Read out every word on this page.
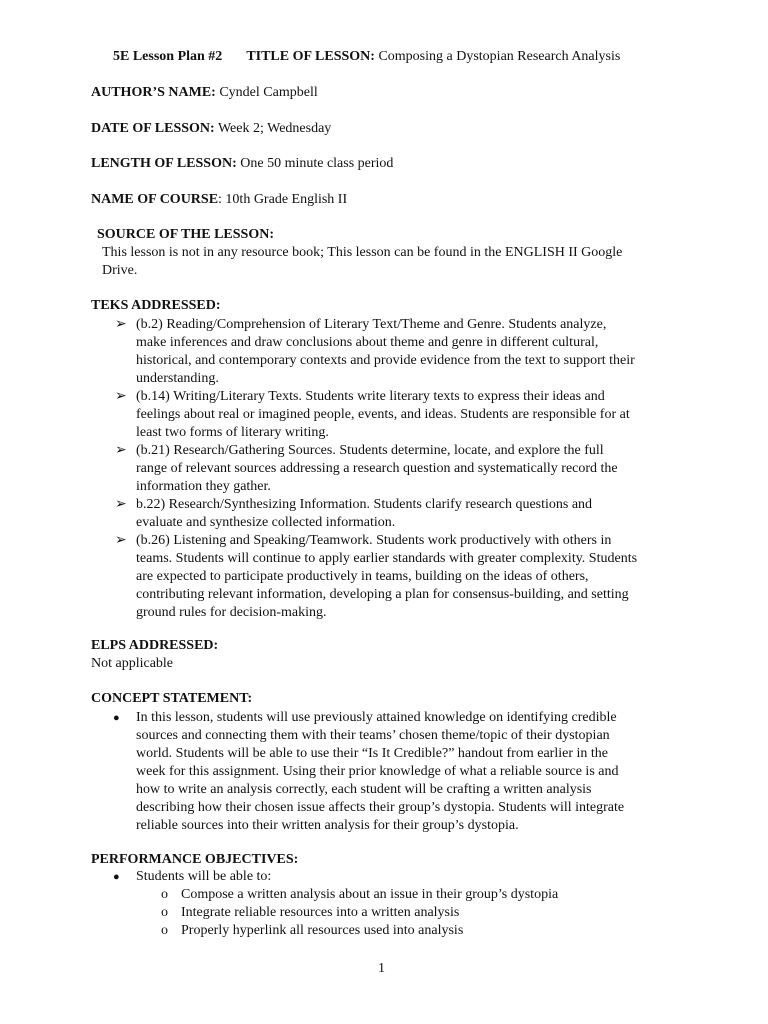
5E Lesson Plan #2 TITLE OF LESSON: Composing a Dystopian Research Analysis
AUTHOR’S NAME: Cyndel Campbell
DATE OF LESSON: Week 2; Wednesday
LENGTH OF LESSON: One 50 minute class period
NAME OF COURSE: 10th Grade English II
SOURCE OF THE LESSON:
This lesson is not in any resource book; This lesson can be found in the ENGLISH II Google
Drive.
TEKS ADDRESSED:
➢ (b.2) Reading/Comprehension of Literary Text/Theme and Genre. Students analyze,
make inferences and draw conclusions about theme and genre in different cultural,
historical, and contemporary contexts and provide evidence from the text to support their
understanding.
➢ (b.14) Writing/Literary Texts. Students write literary texts to express their ideas and
feelings about real or imagined people, events, and ideas. Students are responsible for at
least two forms of literary writing.
➢ (b.21) Research/Gathering Sources. Students determine, locate, and explore the full
range of relevant sources addressing a research question and systematically record the
information they gather.
➢ b.22) Research/Synthesizing Information. Students clarify research questions and
evaluate and synthesize collected information.
➢ (b.26) Listening and Speaking/Teamwork. Students work productively with others in
teams. Students will continue to apply earlier standards with greater complexity. Students
are expected to participate productively in teams, building on the ideas of others,
contributing relevant information, developing a plan for consensus-building, and setting
ground rules for decision-making.
ELPS ADDRESSED:
Not applicable
CONCEPT STATEMENT:
● In this lesson, students will use previously attained knowledge on identifying credible
sources and connecting them with their teams’ chosen theme/topic of their dystopian
world. Students will be able to use their “Is It Credible?” handout from earlier in the
week for this assignment. Using their prior knowledge of what a reliable source is and
how to write an analysis correctly, each student will be crafting a written analysis
describing how their chosen issue affects their group’s dystopia. Students will integrate
reliable sources into their written analysis for their group’s dystopia.
PERFORMANCE OBJECTIVES:
● Students will be able to:
o Compose a written analysis about an issue in their group’s dystopia
o Integrate reliable resources into a written analysis
o Properly hyperlink all resources used into analysis
1
